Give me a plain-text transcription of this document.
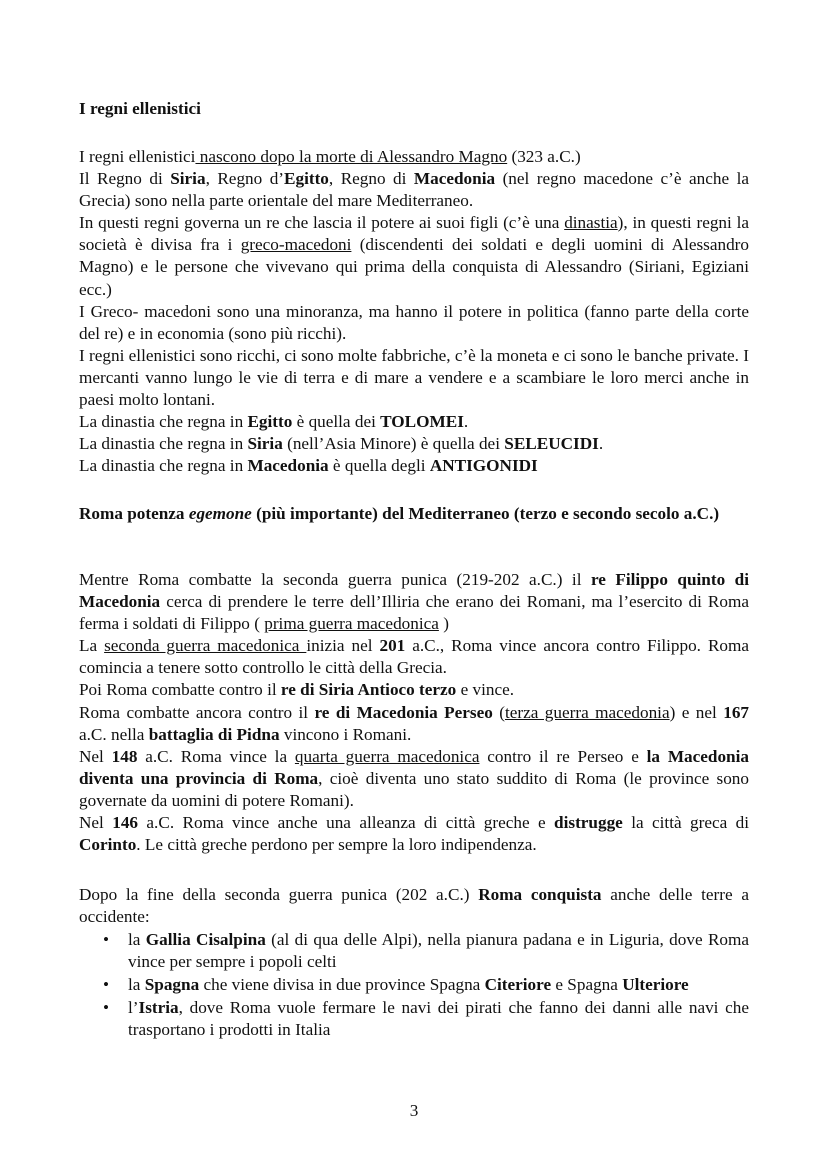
I regni ellenistici

I regni ellenistici nascono dopo la morte di Alessandro Magno (323 a.C.)

Il Regno di Siria, Regno d’Egitto, Regno di Macedonia (nel regno macedone c’è anche la Grecia) sono nella parte orientale del mare Mediterraneo.

In questi regni governa un re che lascia il potere ai suoi figli (c’è una dinastia), in questi regni la società è divisa fra i greco-macedoni (discendenti dei soldati e degli uomini di Alessandro Magno) e le persone che vivevano qui prima della conquista di Alessandro (Siriani, Egiziani ecc.)

I Greco- macedoni sono una minoranza, ma hanno il potere in politica (fanno parte della corte del re) e in economia (sono più ricchi).

I regni ellenistici sono ricchi, ci sono molte fabbriche, c’è la moneta e ci sono le banche private. I mercanti vanno lungo le vie di terra e di mare a vendere e a scambiare le loro merci anche in paesi molto lontani.

La dinastia che regna in Egitto è quella dei TOLOMEI.

La dinastia che regna in Siria (nell’Asia Minore) è quella dei SELEUCIDI.

La dinastia che regna in Macedonia è quella degli ANTIGONIDI

Roma potenza egemone (più importante) del Mediterraneo (terzo e secondo secolo a.C.)

Mentre Roma combatte la seconda guerra punica (219-202 a.C.) il re Filippo quinto di Macedonia cerca di prendere le terre dell’Illiria che erano dei Romani, ma l’esercito di Roma ferma i soldati di Filippo ( prima guerra macedonica )

La seconda guerra macedonica inizia nel 201 a.C., Roma vince ancora contro Filippo. Roma comincia a tenere sotto controllo le città della Grecia.

Poi Roma combatte contro il re di Siria Antioco terzo e vince.

Roma combatte ancora contro il re di Macedonia Perseo (terza guerra macedonia) e nel 167 a.C. nella battaglia di Pidna vincono i Romani.

Nel 148 a.C. Roma vince la quarta guerra macedonica contro il re Perseo e la Macedonia diventa una provincia di Roma, cioè diventa uno stato suddito di Roma (le province sono governate da uomini di potere Romani).

Nel 146 a.C. Roma vince anche una alleanza di città greche e distrugge la città greca di Corinto. Le città greche perdono per sempre la loro indipendenza.

Dopo la fine della seconda guerra punica (202 a.C.) Roma conquista anche delle terre a occidente:

• la Gallia Cisalpina (al di qua delle Alpi), nella pianura padana e in Liguria, dove Roma vince per sempre i popoli celti
• la Spagna che viene divisa in due province Spagna Citeriore e Spagna Ulteriore
• l’Istria, dove Roma vuole fermare le navi dei pirati che fanno dei danni alle navi che trasportano i prodotti in Italia
3
